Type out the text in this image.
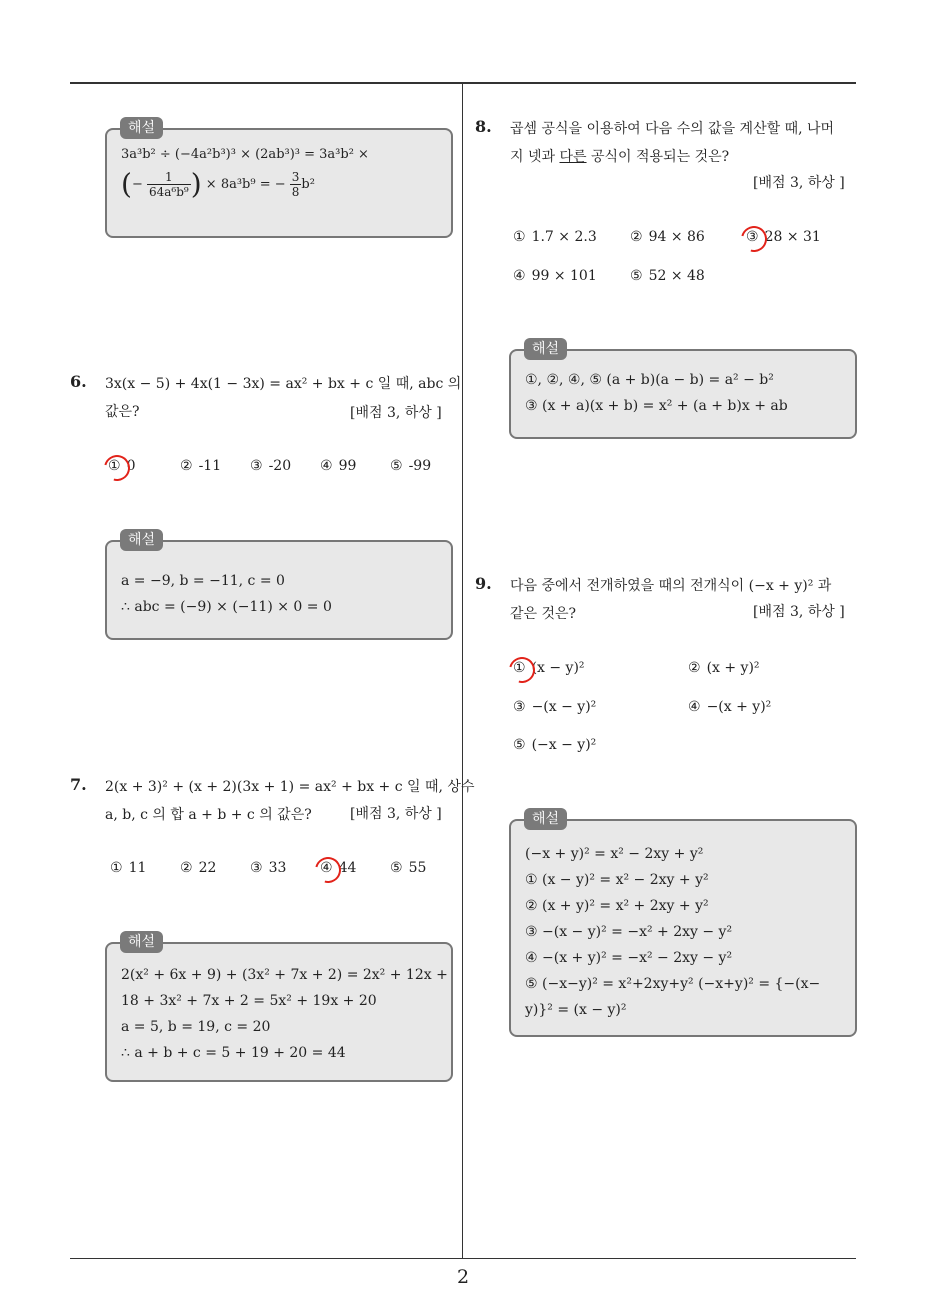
2
3a³b² ÷ (−4a²b³)³ × (2ab³)³ = 3a³b² ×
(− $\frac{1}{\text{64a⁶b⁹}}$ ) × 8a³b⁹ = − $\frac{3}{8} b^2$
해설
6. 3x(x − 5) + 4x(1 − 3x) = ax² + bx + c 일 때, abc 의
값은?	[배점 3, 하상 ]
① 0	② -11 ③ -20 ④ 99 ⑤ -99
a = −9, b = −11, c = 0
∴ abc = (−9) × (−11) × 0 = 0
해설
7. 2(x + 3)² + (x + 2)(3x + 1) = ax² + bx + c 일 때, 상수
a, b, c 의 합 a + b + c 의 값은?	[배점 3, 하상 ]
① 11 ② 22 ③ 33 ④ 44 ⑤ 55
2(x² + 6x + 9) + (3x² + 7x + 2) = 2x² + 12x +
18 + 3x² + 7x + 2 = 5x² + 19x + 20
a = 5, b = 19, c = 20
∴ a + b + c = 5 + 19 + 20 = 44
해설
8. 곱셈 공식을 이용하여 다음 수의 값을 계산할 때, 나머
지 넷과 다른 공식이 적용되는 것은?
[배점 3, 하상 ]
① 1.7 × 2.3 ② 94 × 86	③ 28 × 31
④ 99 × 101 ⑤ 52 × 48
①, ②, ④, ⑤ (a + b)(a − b) = a² − b²
③ (x + a)(x + b) = x² + (a + b)x + ab
해설
9. 다음 중에서 전개하였을 때의 전개식이 (−x + y)² 과
같은 것은?	[배점 3, 하상 ]
① (x − y)²	② (x + y)²
③ −(x − y)²	④ −(x + y)²
⑤ (−x − y)²
(−x + y)² = x² − 2xy + y²
① (x − y)² = x² − 2xy + y²
② (x + y)² = x² + 2xy + y²
③ −(x − y)² = −x² + 2xy − y²
④ −(x + y)² = −x² − 2xy − y²
⑤ (−x−y)² = x²+2xy+y² (−x+y)² = {−(x−
y)}² = (x − y)²
해설
